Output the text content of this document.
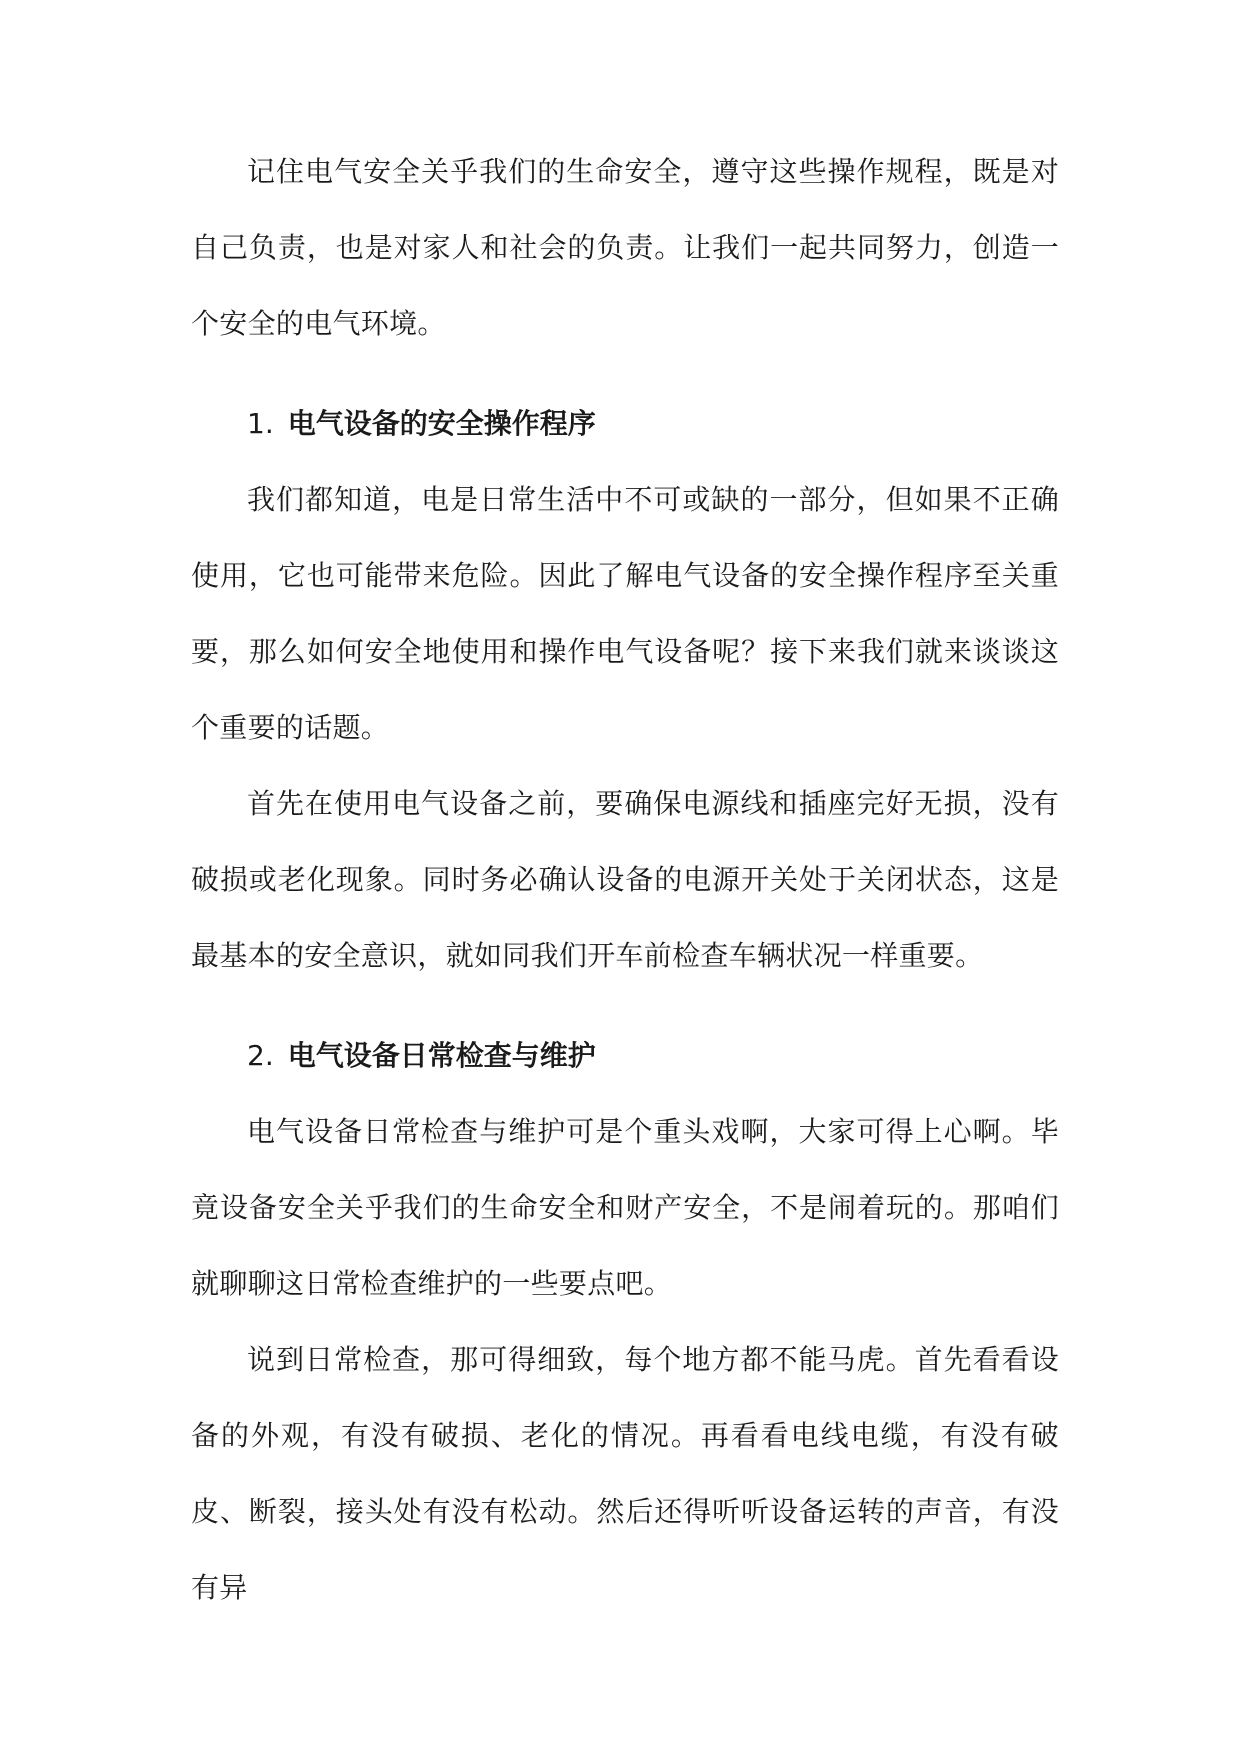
记住电气安全关乎我们的生命安全，遵守这些操作规程，既是对自己负责，也是对家人和社会的负责。让我们一起共同努力，创造一个安全的电气环境。

1. 电气设备的安全操作程序

我们都知道，电是日常生活中不可或缺的一部分，但如果不正确使用，它也可能带来危险。因此了解电气设备的安全操作程序至关重要，那么如何安全地使用和操作电气设备呢？接下来我们就来谈谈这个重要的话题。

首先在使用电气设备之前，要确保电源线和插座完好无损，没有破损或老化现象。同时务必确认设备的电源开关处于关闭状态，这是最基本的安全意识，就如同我们开车前检查车辆状况一样重要。

2. 电气设备日常检查与维护

电气设备日常检查与维护可是个重头戏啊，大家可得上心啊。毕竟设备安全关乎我们的生命安全和财产安全，不是闹着玩的。那咱们就聊聊这日常检查维护的一些要点吧。

说到日常检查，那可得细致，每个地方都不能马虎。首先看看设备的外观，有没有破损、老化的情况。再看看电线电缆，有没有破皮、断裂，接头处有没有松动。然后还得听听设备运转的声音，有没有异
